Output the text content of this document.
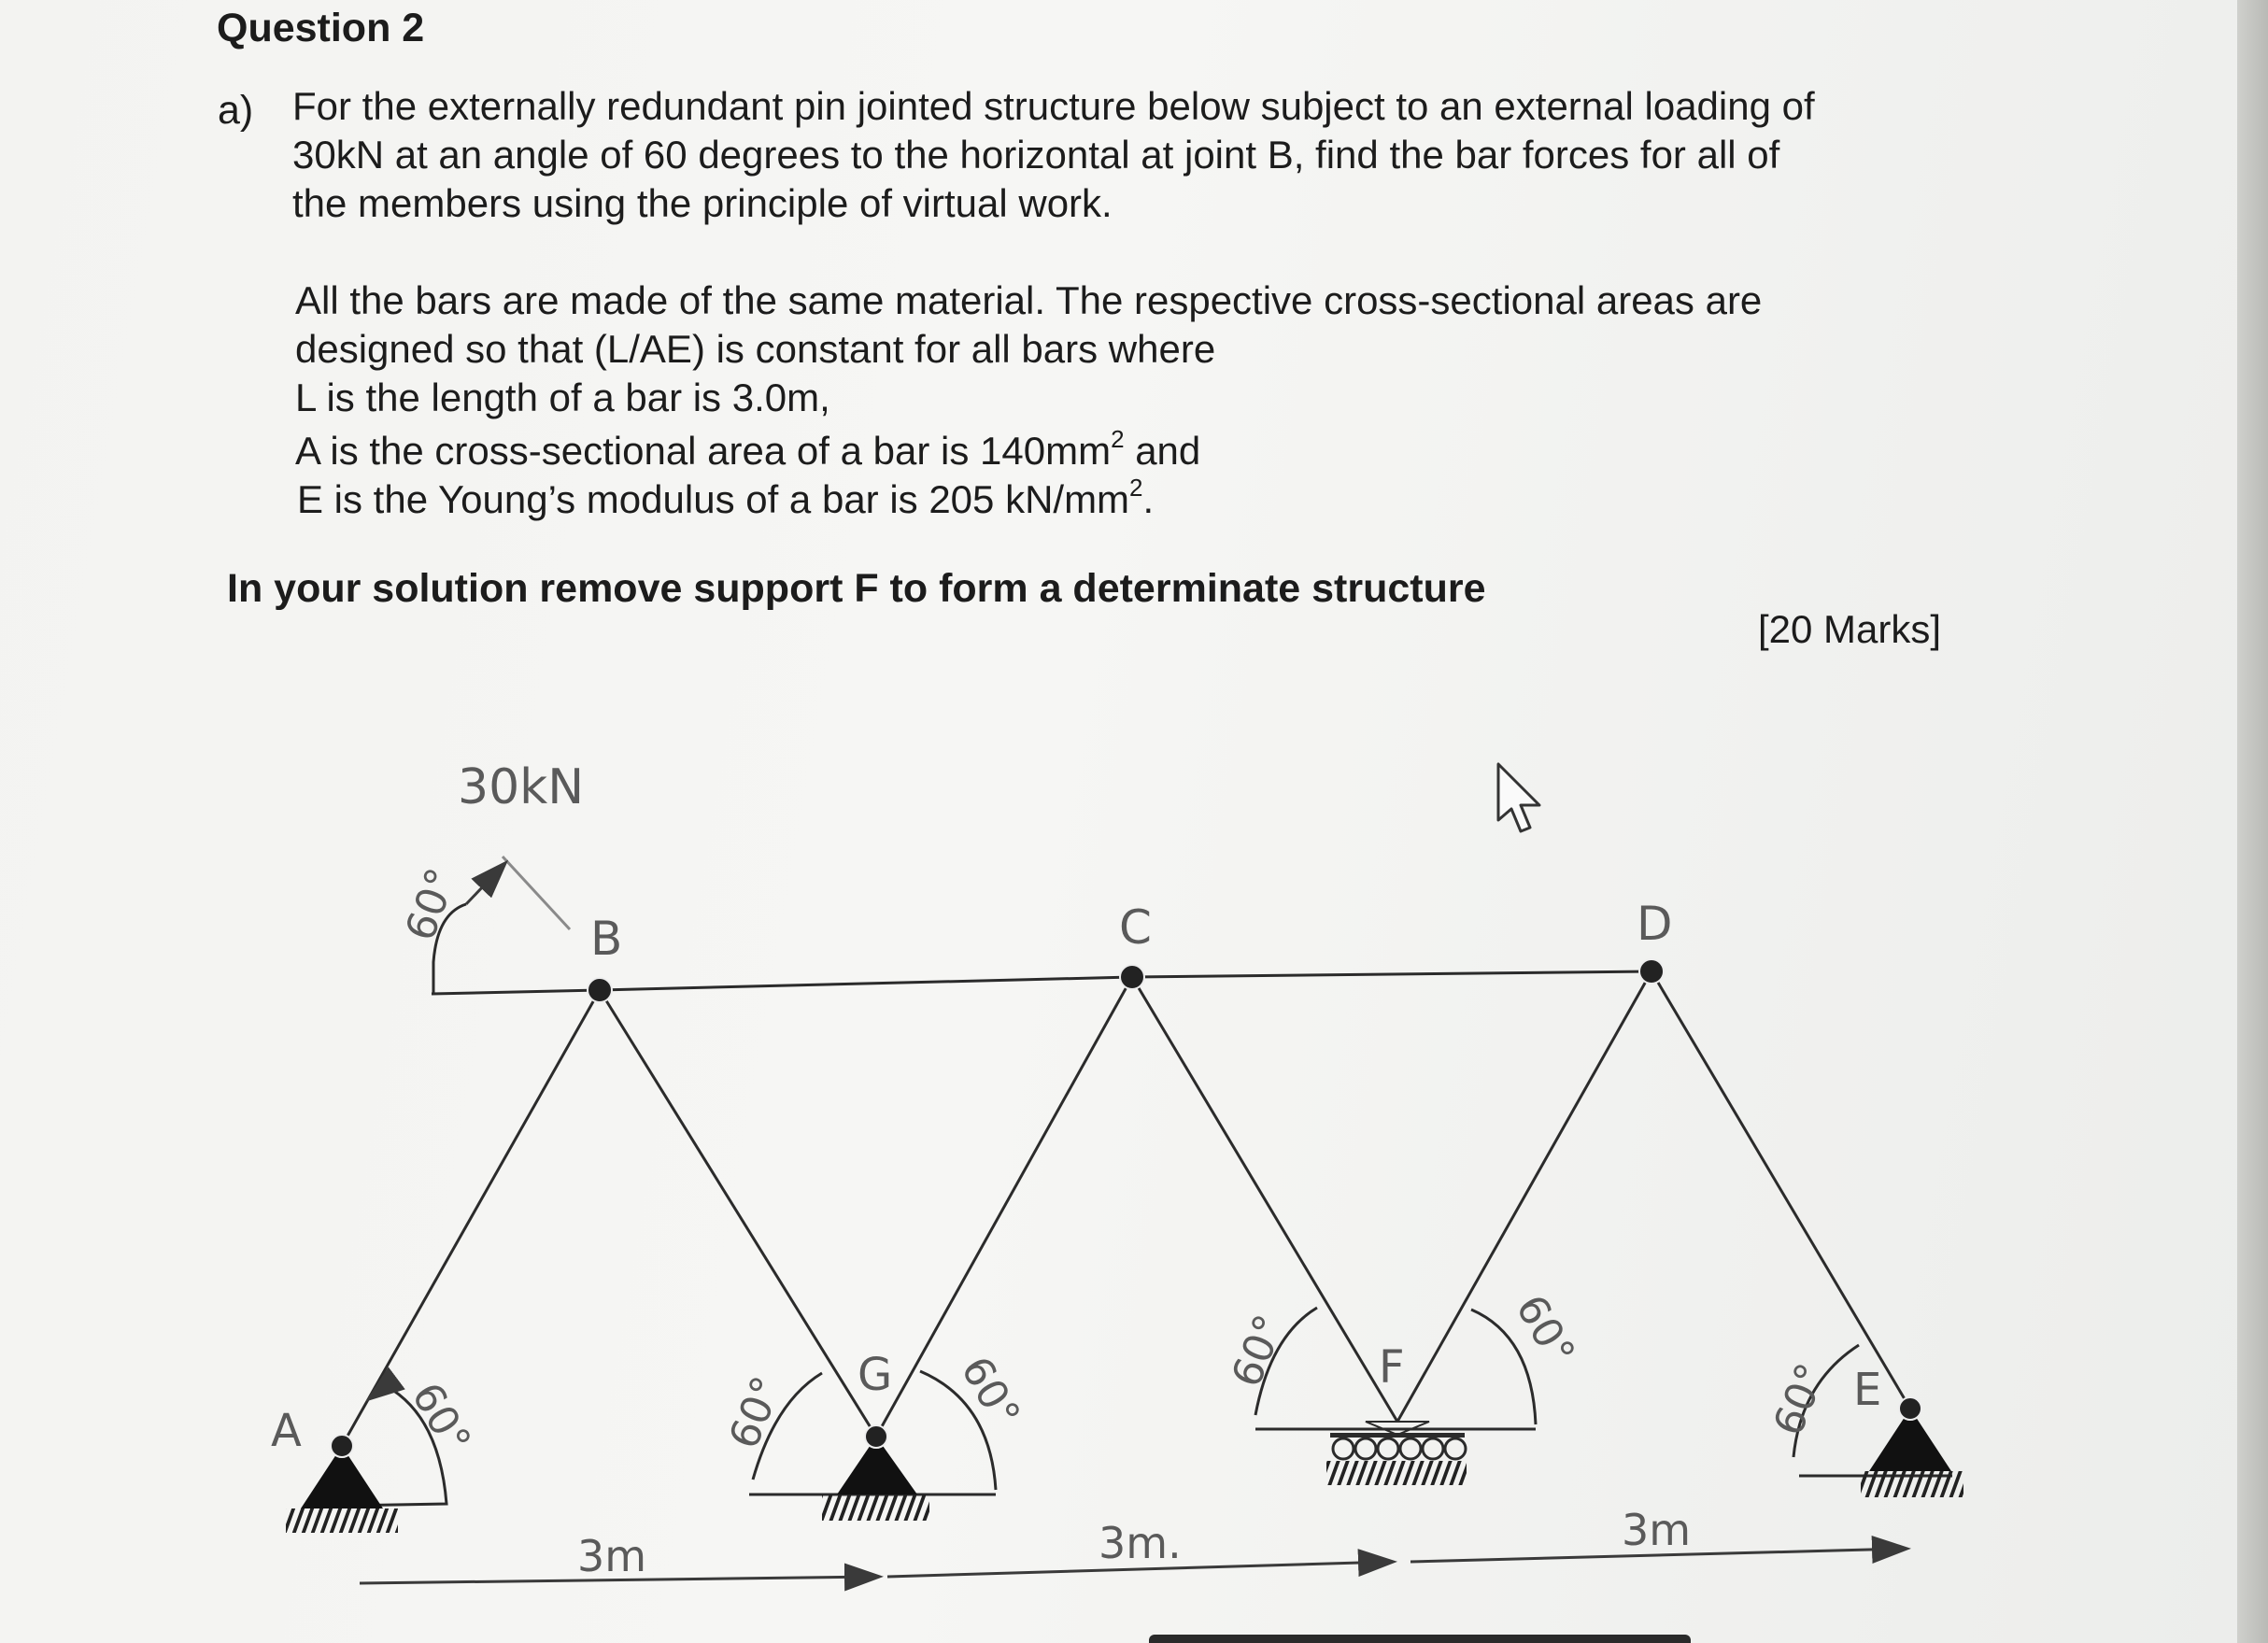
Question 2
a) For the externally redundant pin jointed structure below subject to an external loading of
30kN at an angle of 60 degrees to the horizontal at joint B, find the bar forces for all of
the members using the principle of virtual work.
All the bars are made of the same material. The respective cross-sectional areas are
designed so that (L/AE) is constant for all bars where
L is the length of a bar is 3.0m,
A is the cross-sectional area of a bar is $140mm^2$ and
E is the Young’s modulus of a bar is 205 $kN/mm^2$.
In your solution remove support F to form a determinate structure
[20 Marks]
30kN
B	C	D
A
G	F	E
60°
60°	60°	60°	60°	60°
60°
3m	3m.	3m
